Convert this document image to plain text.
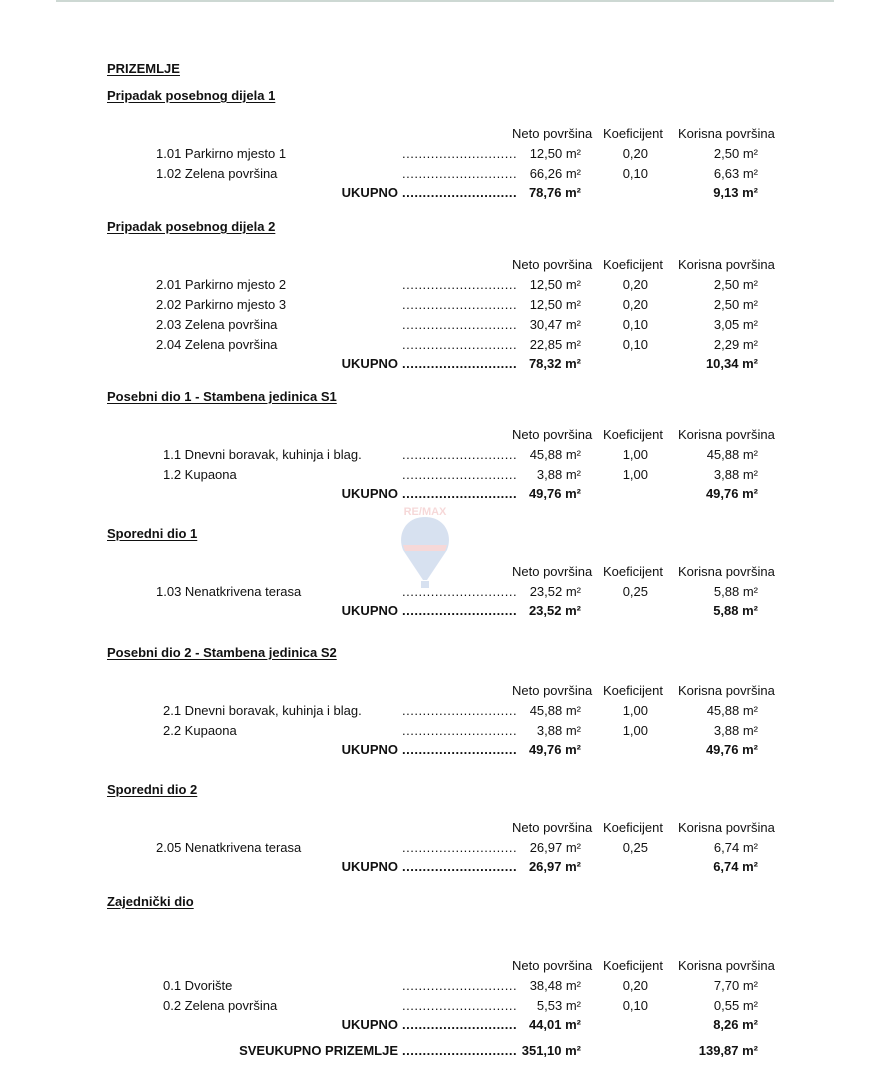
PRIZEMLJE
RE/MAX
Pripadak posebnog dijela 1
Neto površina Koeficijent Korisna površina
1.01 Parkirno mjesto 1	............................ 12,50 m²	0,20	2,50 m²
1.02 Zelena površina	............................ 66,26 m²	0,10	6,63 m²
UKUPNO ............................ 78,76 m²	9,13 m²
Pripadak posebnog dijela 2
Neto površina Koeficijent Korisna površina
2.01 Parkirno mjesto 2	............................ 12,50 m²	0,20	2,50 m²
2.02 Parkirno mjesto 3	............................ 12,50 m²	0,20	2,50 m²
2.03 Zelena površina	............................ 30,47 m²	0,10	3,05 m²
2.04 Zelena površina	............................ 22,85 m²	0,10	2,29 m²
UKUPNO ............................ 78,32 m²	10,34 m²
Posebni dio 1 - Stambena jedinica S1
Neto površina Koeficijent Korisna površina
1.1 Dnevni boravak, kuhinja i blag.	............................ 45,88 m²	1,00	45,88 m²
1.2 Kupaona	............................ 3,88 m²	1,00	3,88 m²
UKUPNO ............................ 49,76 m²	49,76 m²
Sporedni dio 1
Neto površina Koeficijent Korisna površina
1.03 Nenatkrivena terasa	............................ 23,52 m²	0,25	5,88 m²
UKUPNO ............................ 23,52 m²	5,88 m²
Posebni dio 2 - Stambena jedinica S2
Neto površina Koeficijent Korisna površina
2.1 Dnevni boravak, kuhinja i blag.	............................ 45,88 m²	1,00	45,88 m²
2.2 Kupaona	............................ 3,88 m²	1,00	3,88 m²
UKUPNO ............................ 49,76 m²	49,76 m²
Sporedni dio 2
Neto površina Koeficijent Korisna površina
2.05 Nenatkrivena terasa	............................ 26,97 m²	0,25	6,74 m²
UKUPNO ............................ 26,97 m²	6,74 m²
Zajednički dio
Neto površina Koeficijent Korisna površina
0.1 Dvorište	............................ 38,48 m²	0,20	7,70 m²
0.2 Zelena površina	............................ 5,53 m²	0,10	0,55 m²
UKUPNO ............................ 44,01 m²	8,26 m²
SVEUKUPNO PRIZEMLJE ............................ 351,10 m²	139,87 m²
